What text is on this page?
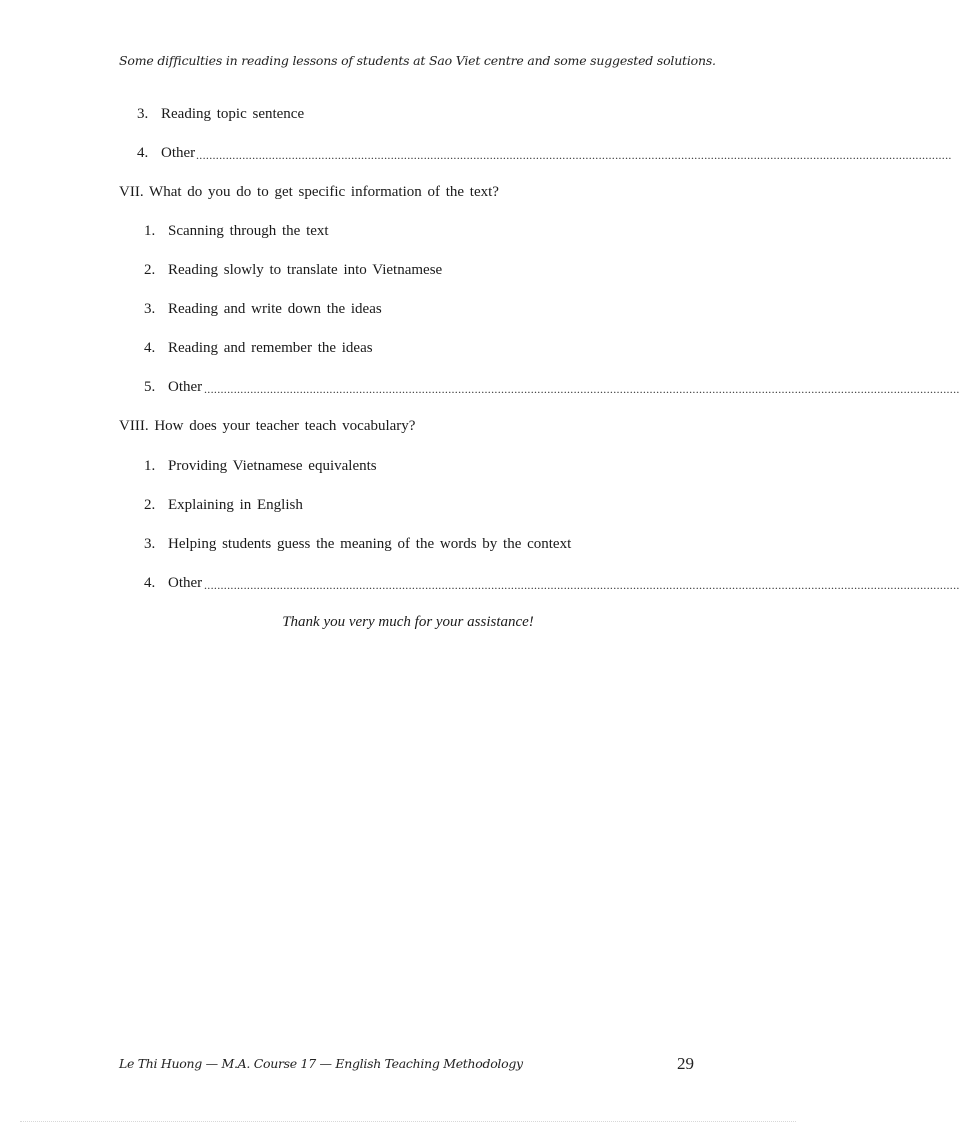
Some difficulties in reading lessons of students at Sao Viet centre and some suggested solutions.
3. Reading topic sentence
4. Other .....................................................................................................................................................................................................................................
VII. What do you do to get specific information of the text?
1. Scanning through the text
2. Reading slowly to translate into Vietnamese
3. Reading and write down the ideas
4. Reading and remember the ideas
5. Other .....................................................................................................................................................................................................................................
VIII. How does your teacher teach vocabulary?
1. Providing Vietnamese equivalents
2. Explaining in English
3. Helping students guess the meaning of the words by the context
4. Other .....................................................................................................................................................................................................................................
Thank you very much for your assistance!
Le Thi Huong — M.A. Course 17 — English Teaching Methodology	29
